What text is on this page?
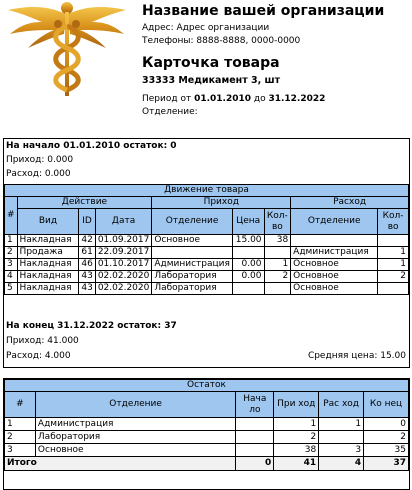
Название вашей организации
Адрес: Адрес организации
Телефоны: 8888-8888, 0000-0000
Карточка товара
33333 Медикамент 3, шт
Период от 01.01.2010 до 31.12.2022
Отделение:
На начало 01.01.2010 остаток: 0
Приход: 0.000
Расход: 0.000
Движение товара								
#	Действие			Приход			Расход	
	Вид	ID	Дата	Отделение	Цена	Кол-во	Отделение	Кол-во
1	Накладная	42	01.09.2017	Основное	15.00	38		
2	Продажа	61	22.09.2017				Администрация	1
3	Накладная	46	01.10.2017	Администрация	0.00	1	Основное	1
4	Накладная	43	02.02.2020	Лаборатория	0.00	2	Основное	2
5	Накладная	43	02.02.2020	Лаборатория			Основное	
На конец 31.12.2022 остаток: 37
Приход: 41.000
Расход: 4.000	Средняя цена: 15.00
Остаток					
#	Отделение	Нача ло	При ход	Рас ход	Ко нец
1	Администрация		1	1	0
2	Лаборатория		2		2
3	Основное		38	3	35
Итого		0	41	4	37
